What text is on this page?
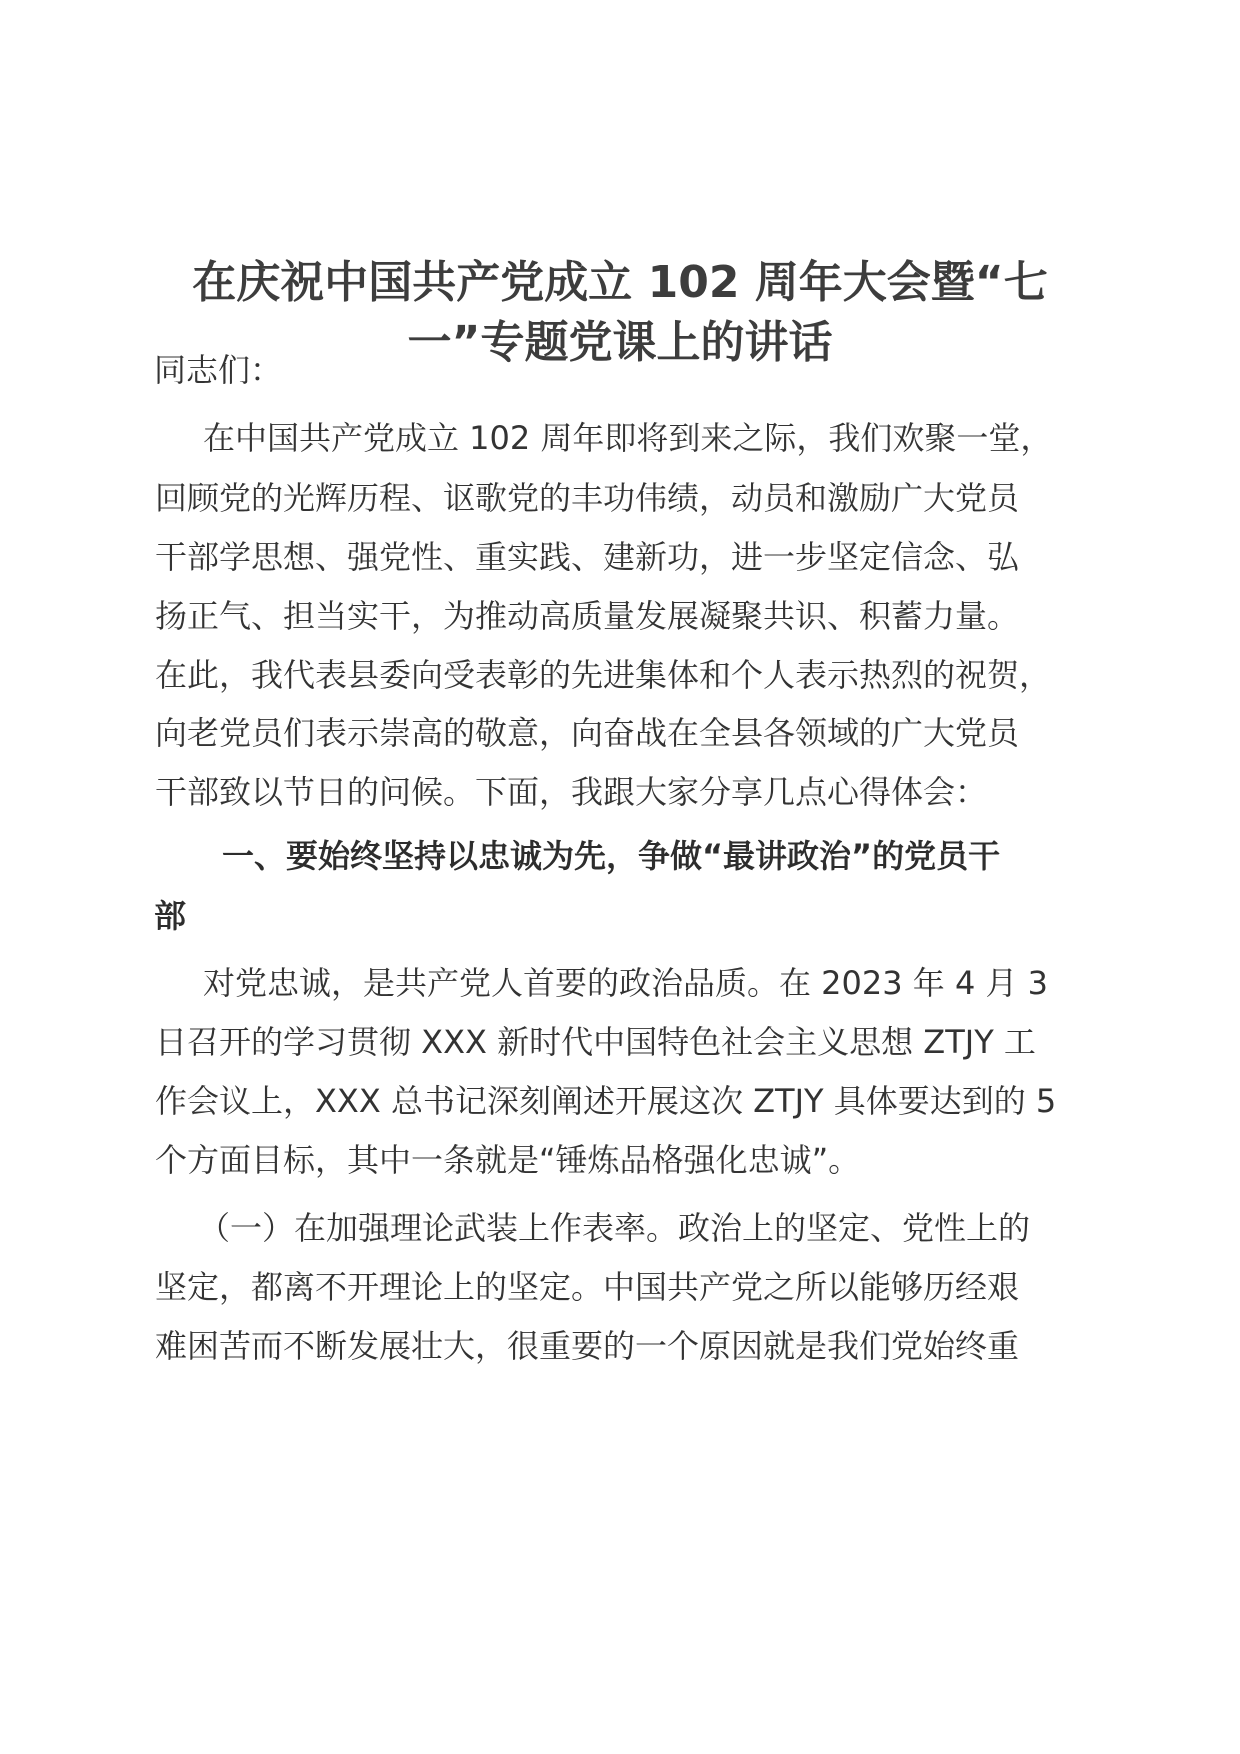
在庆祝中国共产党成立 102 周年大会暨“七
一”专题党课上的讲话
同志们：
在中国共产党成立 102 周年即将到来之际，我们欢聚一堂，
回顾党的光辉历程、讴歌党的丰功伟绩，动员和激励广大党员
干部学思想、强党性、重实践、建新功，进一步坚定信念、弘
扬正气、担当实干，为推动高质量发展凝聚共识、积蓄力量。
在此，我代表县委向受表彰的先进集体和个人表示热烈的祝贺，
向老党员们表示崇高的敬意，向奋战在全县各领域的广大党员
干部致以节日的问候。下面，我跟大家分享几点心得体会：
一、要始终坚持以忠诚为先，争做“最讲政治”的党员干
部
对党忠诚，是共产党人首要的政治品质。在 2023 年 4 月 3
日召开的学习贯彻 XXX 新时代中国特色社会主义思想 ZTJY 工
作会议上，XXX 总书记深刻阐述开展这次 ZTJY 具体要达到的 5
个方面目标，其中一条就是“锤炼品格强化忠诚”。
（一）在加强理论武装上作表率。政治上的坚定、党性上的
坚定，都离不开理论上的坚定。中国共产党之所以能够历经艰
难困苦而不断发展壮大，很重要的一个原因就是我们党始终重
